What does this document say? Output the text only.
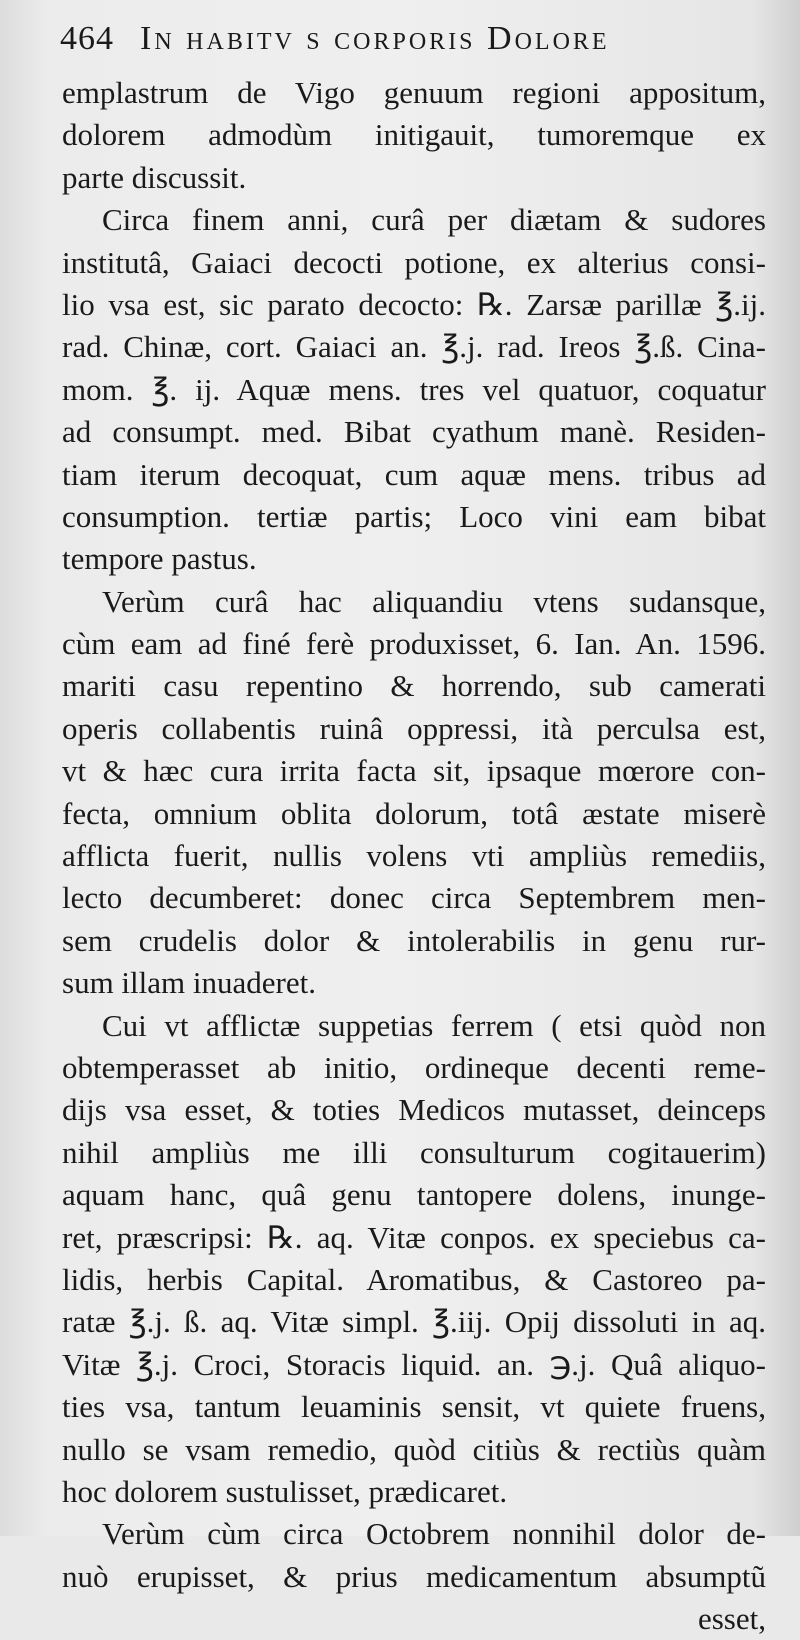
464 In habitv s corporis Dolore
emplastrum de Vigo genuum regioni appositum,
dolorem admodùm initigauit, tumoremque ex
parte discussit.
Circa finem anni, curâ per diætam & sudores
institutâ, Gaiaci decocti potione, ex alterius consi-
lio vsa est, sic parato decocto: ℞. Zarsæ parillæ ℥.ij.
rad. Chinæ, cort. Gaiaci an. ℥.j. rad. Ireos ℥.ß. Cina-
mom. ℥. ij. Aquæ mens. tres vel quatuor, coquatur
ad consumpt. med. Bibat cyathum manè. Residen-
tiam iterum decoquat, cum aquæ mens. tribus ad
consumption. tertiæ partis; Loco vini eam bibat
tempore pastus.
Verùm curâ hac aliquandiu vtens sudansque,
cùm eam ad finé ferè produxisset, 6. Ian. An. 1596.
mariti casu repentino & horrendo, sub camerati
operis collabentis ruinâ oppressi, ità perculsa est,
vt & hæc cura irrita facta sit, ipsaque mœrore con-
fecta, omnium oblita dolorum, totâ æstate miserè
afflicta fuerit, nullis volens vti ampliùs remediis,
lecto decumberet: donec circa Septembrem men-
sem crudelis dolor & intolerabilis in genu rur-
sum illam inuaderet.
Cui vt afflictæ suppetias ferrem ( etsi quòd non
obtemperasset ab initio, ordineque decenti reme-
dijs vsa esset, & toties Medicos mutasset, deinceps
nihil ampliùs me illi consulturum cogitauerim)
aquam hanc, quâ genu tantopere dolens, inunge-
ret, præscripsi: ℞. aq. Vitæ conpos. ex speciebus ca-
lidis, herbis Capital. Aromatibus, & Castoreo pa-
ratæ ℥.j. ß. aq. Vitæ simpl. ℥.iij. Opij dissoluti in aq.
Vitæ ℥.j. Croci, Storacis liquid. an. ℈.j. Quâ aliquo-
ties vsa, tantum leuaminis sensit, vt quiete fruens,
nullo se vsam remedio, quòd citiùs & rectiùs quàm
hoc dolorem sustulisset, prædicaret.
Verùm cùm circa Octobrem nonnihil dolor de-
nuò erupisset, & prius medicamentum absumptũ
esset,
